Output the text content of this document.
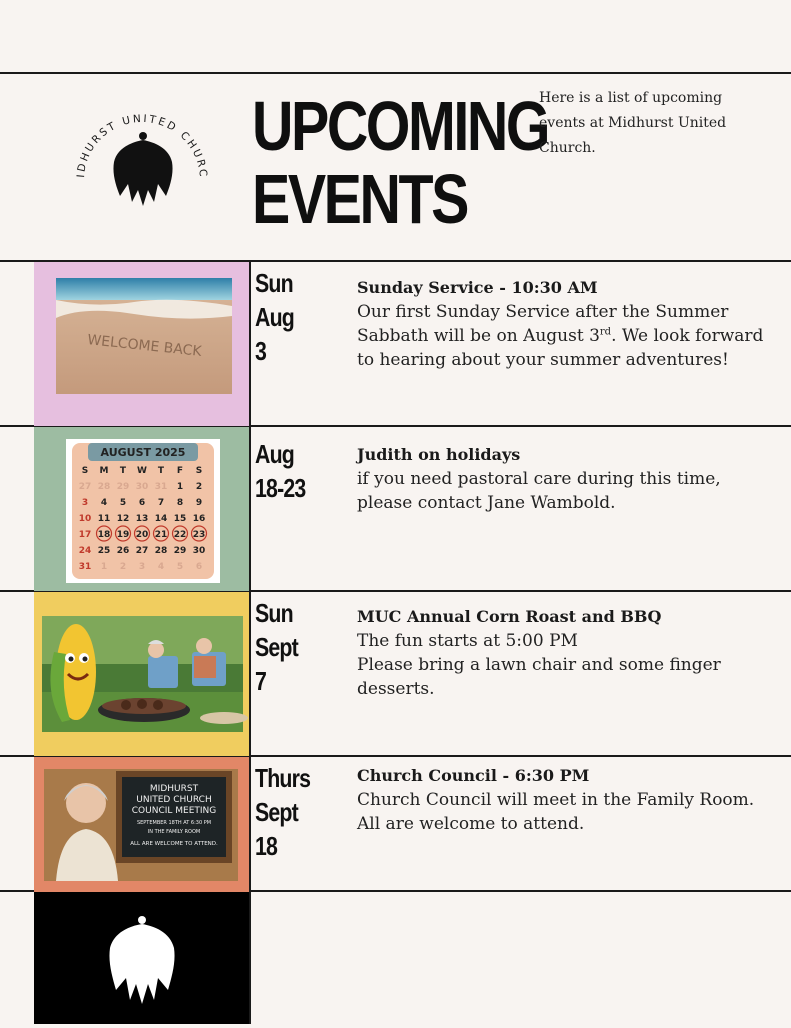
IDHURST UNITED CHURC
UPCOMING
EVENTS
Here is a list of upcoming events at Midhurst United Church.
WELCOME BACK
Sun
Aug
3

Sunday Service - 10:30 AM

Our first Sunday Service after the Summer Sabbath will be on August 3rd. We look forward to hearing about your summer adventures!

AUGUST 2025
S M T W T F S
27 28 29 30 31 1 2
3 4 5 6 7 8 9
10 11 12 13 14 15 16
17 18 19 20 21 22 23
24 25 26 27 28 29 30
31 1 2 3 4 5 6
Aug
18-23

Judith on holidays

if you need pastoral care during this time,
please contact Jane Wambold.

Sun
Sept
7

MUC Annual Corn Roast and BBQ

The fun starts at 5:00 PM
Please bring a lawn chair and some finger desserts.

MIDHURST
UNITED CHURCH
COUNCIL MEETING
SEPTEMBER 18TH AT 6:30 PM
IN THE FAMILY ROOM
ALL ARE WELCOME TO ATTEND.
Thurs
Sept
18

Church Council - 6:30 PM

Church Council will meet in the Family Room.
All are welcome to attend.
